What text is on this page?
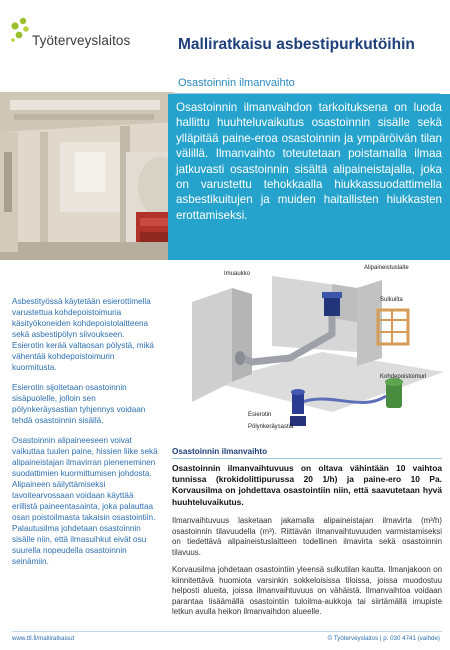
Työterveyslaitos	Malliratkaisu asbestipurkutöihin
Osastoinnin ilmanvaihto
Osastoinnin ilmanvaihdon tarkoituksena on luoda hallittu huuhteluvaikutus osastoinnin sisälle sekä ylläpitää paine-eroa osastoinnin ja ympäröivän tilan välillä. Ilmanvaihto toteutetaan poistamalla ilmaa jatkuvasti osastoinnin sisältä alipaineistajalla, joka on varustettu tehokkaalla hiukkassuodattimella asbestikuitujen ja muiden haitallisten hiukkasten erottamiseksi.

Asbestityössä käytetään esierottimella varustettua kohdepoistoimuria käsityökoneiden kohdepoistolaitteena sekä asbestipölyn siivoukseen. Esierotin kerää valtaosan pölystä, mikä vähentää kohdepoistoimurin kuormitusta.

Esierotin sijoitetaan osastoinnin sisäpuolelle, jolloin sen pölynkeräysastian tyhjennys voidaan tehdä osastoinnin sisällä.

Osastoinnin alipaineeseen voivat vaikuttaa tuulen paine, hissien liike sekä alipaineistajan ilmavirran pieneneminen suodattimien kuormittumisen johdosta. Alipaineen säilyttämiseksi tavoitearvossaan voidaan käyttää erillistä paineentasainta, joka palauttaa osan poistoilmasta takaisin osastointiin. Palautusilma johdetaan osastoinnin sisälle niin, että ilmasuihkut eivät osu suurella nopeudella osastoinnin seinämiin.

Imuaukko
Alipaineistuslaite
Sulkuilta
Kohdepoistoimuri
Esierotin
Pölynkeräysastia
Osastoinnin ilmanvaihto
Osastoinnin ilmanvaihtuvuus on oltava vähintään 10 vaihtoa tunnissa (krokidolittipurussa 20 1/h) ja paine-ero 10 Pa. Korvausilma on johdettava osastointiin niin, että saavutetaan hyvä huuhteluvaikutus.
Ilmanvaihtuvuus lasketaan jakamalla alipaineistajan ilmavirta (m³/h) osastoinnin tilavuudella (m³). Riittävän ilmanvaihtuvuuden varmistamiseksi on tiedettävä alipaineistuslaitteen todellinen ilmavirta sekä osastoinnin tilavuus.
Korvausilma johdetaan osastointiin yleensä sulkutilan kautta. Ilmanjakoon on kiinnitettävä huomiota varsinkin sokkeloisissa tiloissa, joissa muodostuu helposti alueita, joissa ilmanvaihtuvuus on vähäistä. Ilmanvaihtoa voidaan parantaa lisäämällä osastointiin tuloilma-aukkoja tai siirtämällä imupiste letkun avulla heikon ilmanvaihdon alueelle.
www.ttl.fi/malliratkaisut	© Työterveyslaitos | p. 030 4741 (vaihde)
